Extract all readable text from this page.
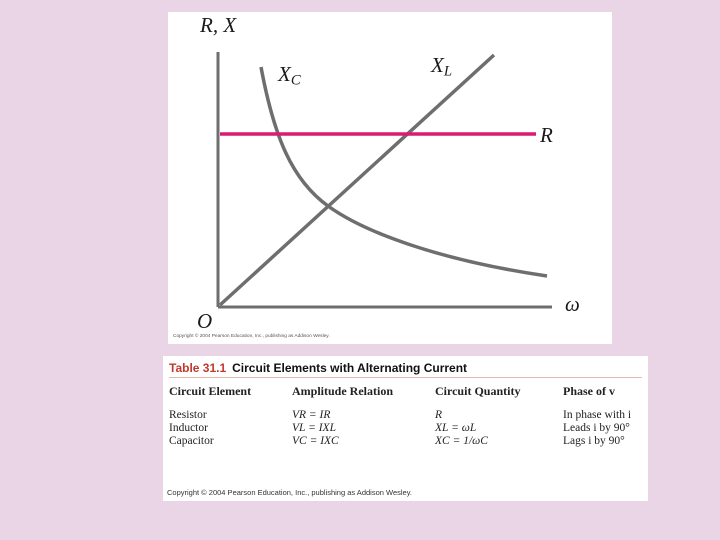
R, X
$X_C$
$X_L$
R
O
ω
Copyright © 2004 Pearson Education, Inc., publishing as Addison Wesley.
Table 31.1 Circuit Elements with Alternating Current
Circuit Element	Amplitude Relation	Circuit Quantity	Phase of v
Resistor	VR = IR	R	In phase with i
Inductor	VL = IXL	XL = ωL	Leads i by 90°
Capacitor	VC = IXC	XC = 1/ωC	Lags i by 90°
Copyright © 2004 Pearson Education, Inc., publishing as Addison Wesley.
